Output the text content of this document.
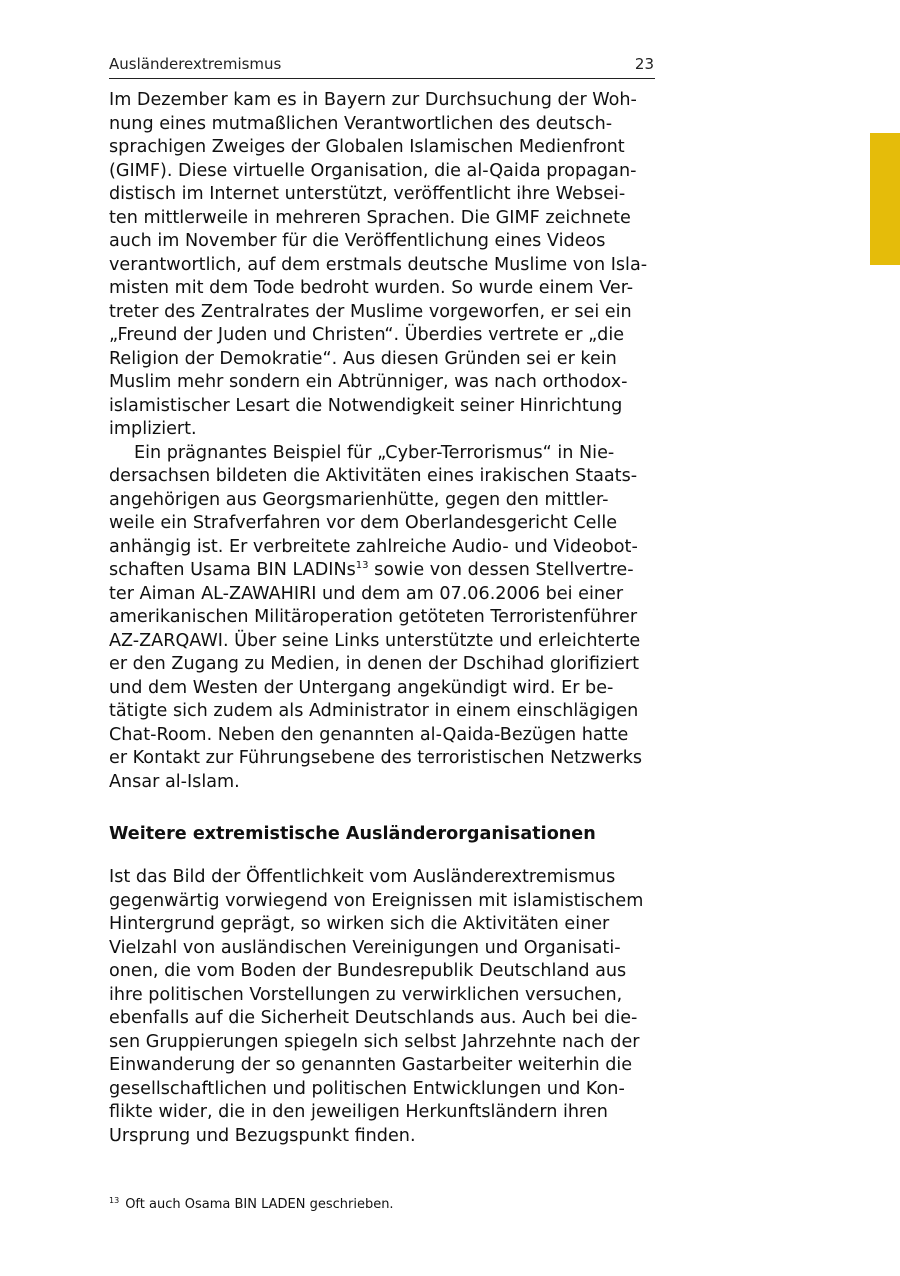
Ausländerextremismus	23
Im Dezember kam es in Bayern zur Durchsuchung der Woh-
nung eines mutmaßlichen Verantwortlichen des deutsch-
sprachigen Zweiges der Globalen Islamischen Medienfront
(GIMF). Diese virtuelle Organisation, die al-Qaida propagan-
distisch im Internet unterstützt, veröffentlicht ihre Websei-
ten mittlerweile in mehreren Sprachen. Die GIMF zeichnete
auch im November für die Veröffentlichung eines Videos
verantwortlich, auf dem erstmals deutsche Muslime von Isla-
misten mit dem Tode bedroht wurden. So wurde einem Ver-
treter des Zentralrates der Muslime vorgeworfen, er sei ein
„Freund der Juden und Christen“. Überdies vertrete er „die
Religion der Demokratie“. Aus diesen Gründen sei er kein
Muslim mehr sondern ein Abtrünniger, was nach orthodox-
islamistischer Lesart die Notwendigkeit seiner Hinrichtung
impliziert.
Ein prägnantes Beispiel für „Cyber-Terrorismus“ in Nie-
dersachsen bildeten die Aktivitäten eines irakischen Staats-
angehörigen aus Georgsmarienhütte, gegen den mittler-
weile ein Strafverfahren vor dem Oberlandesgericht Celle
anhängig ist. Er verbreitete zahlreiche Audio- und Videobot-
schaften Usama BIN LADINs$^{13}$ sowie von dessen Stellvertre-
ter Aiman AL-ZAWAHIRI und dem am 07.06.2006 bei einer
amerikanischen Militäroperation getöteten Terroristenführer
AZ-ZARQAWI. Über seine Links unterstützte und erleichterte
er den Zugang zu Medien, in denen der Dschihad glorifiziert
und dem Westen der Untergang angekündigt wird. Er be-
tätigte sich zudem als Administrator in einem einschlägigen
Chat-Room. Neben den genannten al-Qaida-Bezügen hatte
er Kontakt zur Führungsebene des terroristischen Netzwerks
Ansar al-Islam.
Weitere extremistische Ausländerorganisationen
Ist das Bild der Öffentlichkeit vom Ausländerextremismus
gegenwärtig vorwiegend von Ereignissen mit islamistischem
Hintergrund geprägt, so wirken sich die Aktivitäten einer
Vielzahl von ausländischen Vereinigungen und Organisati-
onen, die vom Boden der Bundesrepublik Deutschland aus
ihre politischen Vorstellungen zu verwirklichen versuchen,
ebenfalls auf die Sicherheit Deutschlands aus. Auch bei die-
sen Gruppierungen spiegeln sich selbst Jahrzehnte nach der
Einwanderung der so genannten Gastarbeiter weiterhin die
gesellschaftlichen und politischen Entwicklungen und Kon-
flikte wider, die in den jeweiligen Herkunftsländern ihren
Ursprung und Bezugspunkt finden.
$^{13}$ Oft auch Osama BIN LADEN geschrieben.
